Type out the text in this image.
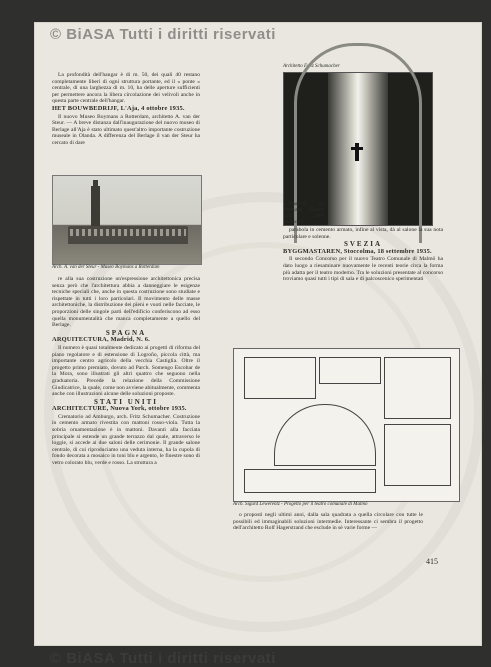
© BiASA Tutti i diritti riservati

La profondità dell'hangar è di m. 50, dei quali 40 restano completamente liberi di ogni struttura portante, ed il « ponte » centrale, di una larghezza di m. 10, ha delle aperture sufficienti per permettere ancora la libera circolazione dei velivoli anche in questa parte centrale dell'hangar.

HET BOUWBEDRIJF, L'Aja, 4 ottobre 1935.

Il nuovo Museo Boymans a Rotterdam, architetto A. van der Steur. — A breve distanza dall'inaugurazione del nuovo museo di Berlage all'Aja è stato ultimato quest'altro importante costruzione museale in Olanda. A differenza del Berlage il van der Steur ha cercato di dare

Arch. A. van der Steur - Museo Boymans a Rotterdam

re alla sua costruzione un'espressione architettonica precisa senza però che l'architettura abbia a danneggiare le esigenze tecniche speciali che, anche in questa costruzione sono studiate e rispettate in tutti i loro particolari. Il movimento delle masse architettoniche, la distribuzione dei pieni e vuoti nelle facciate, le proporzioni delle singole parti dell'edificio conferiscono ad esso quella monumentalità che manca completamente a quello del Berlage.

SPAGNA

ARQUITECTURA, Madrid, N. 6.

Il numero è quasi totalmente dedicato ai progetti di riforma del piano regolatore e di estensione di Logroño, piccola città, ma importante centro agricolo della vecchia Castiglia. Oltre il progetto primo premiato, dovuto ad Parch. Somengo Escobar de la Mora, sono illustrati gli altri quattro che seguono nella graduatoria. Precede la relazione della Commissione Giudicatrice, la quale, come non avviene abitualmente, commenta anche con illustrazioni alcune delle soluzioni proposte.

STATI UNITI

ARCHITECTURE, Nuova York, ottobre 1935.

Crematorio ad Amburgo, arch. Fritz Schumacher. Costruzione in cemento armato rivestita con mattoni rosso-viola. Tutta la sobria ornamentazione è in mattoni. Davanti alla facciata principale si estende un grande terrazzo dal quale, attraverso le loggie, si accede ai due saloni delle cerimonie. Il grande salone centrale, di cui riproduciamo una veduta interna, ha la cupola di fondo decorata a mosaico in toni blu e argento, le finestre sono di vetro colorato blu, verde e rosso. La struttura a

Architetto Fritz Schumacher
Crematorio ad Amburgo. Grande sala delle cerimonie

parabola in cemento armato, infine al vista, dà al salone la sua nota particolare e solenne.

SVEZIA

BYGGMASTAREN, Stoccolma, 18 settembre 1935.

Il secondo Concorso per il nuovo Teatro Comunale di Malmö ha dato luogo a riesaminare nuovamente le recenti teorie circa la forma più adatta per il teatro moderno. Tra le soluzioni presentate al concorso troviamo quasi tutti i tipi di sala e di palcoscenico sperimentati

Arch. Sigurd Lewerentz - Progetto per il teatro comunale di Malmö

o proposti negli ultimi anni, dalla sala quadrata a quella circolare con tutte le possibili ed immaginabili soluzioni intermedie. Interessante ci sembra il progetto dell'architetto Rolf Hagerstrand che esclude in sè varie forme —

415
© BiASA Tutti i diritti riservati
